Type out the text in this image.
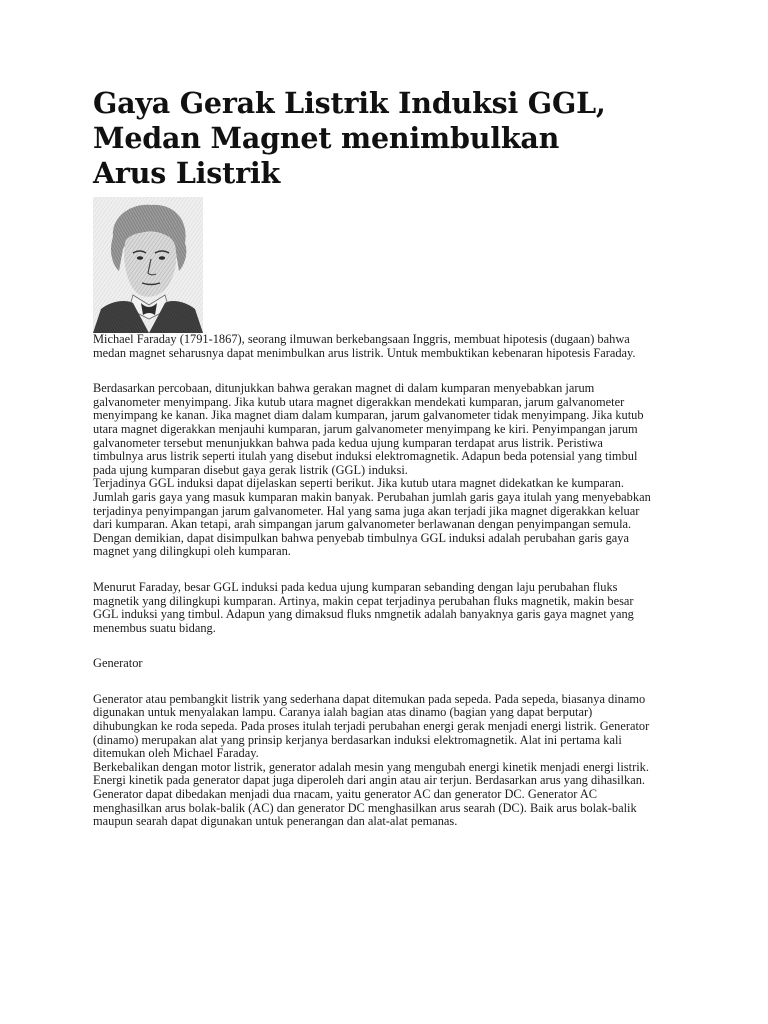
Gaya Gerak Listrik Induksi GGL,
Medan Magnet menimbulkan
Arus Listrik
Michael Faraday (1791-1867), seorang ilmuwan berkebangsaan Inggris, membuat hipotesis (dugaan) bahwa
medan magnet seharusnya dapat menimbulkan arus listrik. Untuk membuktikan kebenaran hipotesis Faraday.
Berdasarkan percobaan, ditunjukkan bahwa gerakan magnet di dalam kumparan menyebabkan jarum
galvanometer menyimpang. Jika kutub utara magnet digerakkan mendekati kumparan, jarum galvanometer
menyimpang ke kanan. Jika magnet diam dalam kumparan, jarum galvanometer tidak menyimpang. Jika kutub
utara magnet digerakkan menjauhi kumparan, jarum galvanometer menyimpang ke kiri. Penyimpangan jarum
galvanometer tersebut menunjukkan bahwa pada kedua ujung kumparan terdapat arus listrik. Peristiwa
timbulnya arus listrik seperti itulah yang disebut induksi elektromagnetik. Adapun beda potensial yang timbul
pada ujung kumparan disebut gaya gerak listrik (GGL) induksi.
Terjadinya GGL induksi dapat dijelaskan seperti berikut. Jika kutub utara magnet didekatkan ke kumparan.
Jumlah garis gaya yang masuk kumparan makin banyak. Perubahan jumlah garis gaya itulah yang menyebabkan
terjadinya penyimpangan jarum galvanometer. Hal yang sama juga akan terjadi jika magnet digerakkan keluar
dari kumparan. Akan tetapi, arah simpangan jarum galvanometer berlawanan dengan penyimpangan semula.
Dengan demikian, dapat disimpulkan bahwa penyebab timbulnya GGL induksi adalah perubahan garis gaya
magnet yang dilingkupi oleh kumparan.
Menurut Faraday, besar GGL induksi pada kedua ujung kumparan sebanding dengan laju perubahan fluks
magnetik yang dilingkupi kumparan. Artinya, makin cepat terjadinya perubahan fluks magnetik, makin besar
GGL induksi yang timbul. Adapun yang dimaksud fluks nmgnetik adalah banyaknya garis gaya magnet yang
menembus suatu bidang.
Generator
Generator atau pembangkit listrik yang sederhana dapat ditemukan pada sepeda. Pada sepeda, biasanya dinamo
digunakan untuk menyalakan lampu. Caranya ialah bagian atas dinamo (bagian yang dapat berputar)
dihubungkan ke roda sepeda. Pada proses itulah terjadi perubahan energi gerak menjadi energi listrik. Generator
(dinamo) merupakan alat yang prinsip kerjanya berdasarkan induksi elektromagnetik. Alat ini pertama kali
ditemukan oleh Michael Faraday.
Berkebalikan dengan motor listrik, generator adalah mesin yang mengubah energi kinetik menjadi energi listrik.
Energi kinetik pada generator dapat juga diperoleh dari angin atau air terjun. Berdasarkan arus yang dihasilkan.
Generator dapat dibedakan menjadi dua rnacam, yaitu generator AC dan generator DC. Generator AC
menghasilkan arus bolak-balik (AC) dan generator DC menghasilkan arus searah (DC). Baik arus bolak-balik
maupun searah dapat digunakan untuk penerangan dan alat-alat pemanas.
